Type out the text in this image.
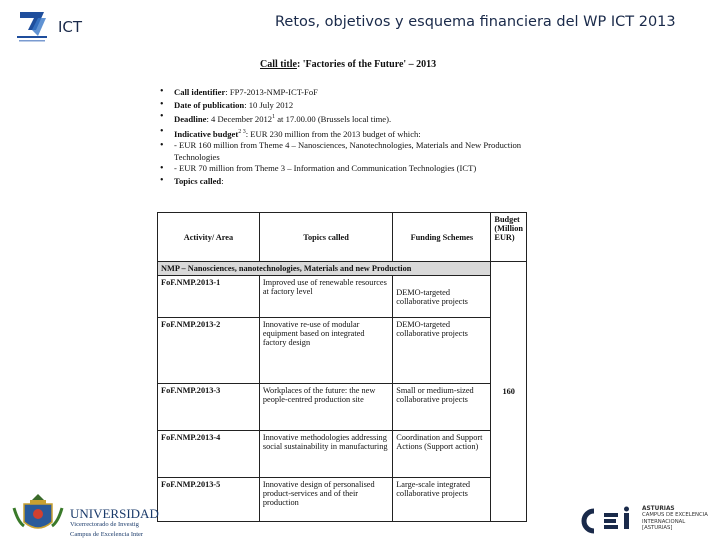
ICT	Retos, objetivos y esquema financiera del WP ICT 2013
Call title: 'Factories of the Future' – 2013
• Call identifier: FP7-2013-NMP-ICT-FoF
• Date of publication: 10 July 2012
• Deadline: 4 December 2012$^1$ at 17.00.00 (Brussels local time).
• Indicative budget$^{2 3}$: EUR 230 million from the 2013 budget of which:
• - EUR 160 million from Theme 4 – Nanosciences, Nanotechnologies, Materials and New Production Technologies
• - EUR 70 million from Theme 3 – Information and Communication Technologies (ICT)
• Topics called:
Activity/ Area	Topics called	Funding Schemes	Budget (Million EUR)
NMP – Nanosciences, nanotechnologies, Materials and new Production			160
FoF.NMP.2013-1	Improved use of renewable resources at factory level	DEMO-targeted collaborative projects	
FoF.NMP.2013-2	Innovative re-use of modular equipment based on integrated factory design	DEMO-targeted collaborative projects	
FoF.NMP.2013-3	Workplaces of the future: the new people-centred production site	Small or medium-sized collaborative projects	
FoF.NMP.2013-4	Innovative methodologies addressing social sustainability in manufacturing	Coordination and Support Actions (Support action)	
FoF.NMP.2013-5	Innovative design of personalised product-services and of their production	Large-scale integrated collaborative projects	
UNIVERSIDAD
Vicerrectorado de Investig
Campus de Excelencia Inter
ASTURIAS
CAMPUS DE EXCELENCIA
INTERNACIONAL
[ASTURIAS]
